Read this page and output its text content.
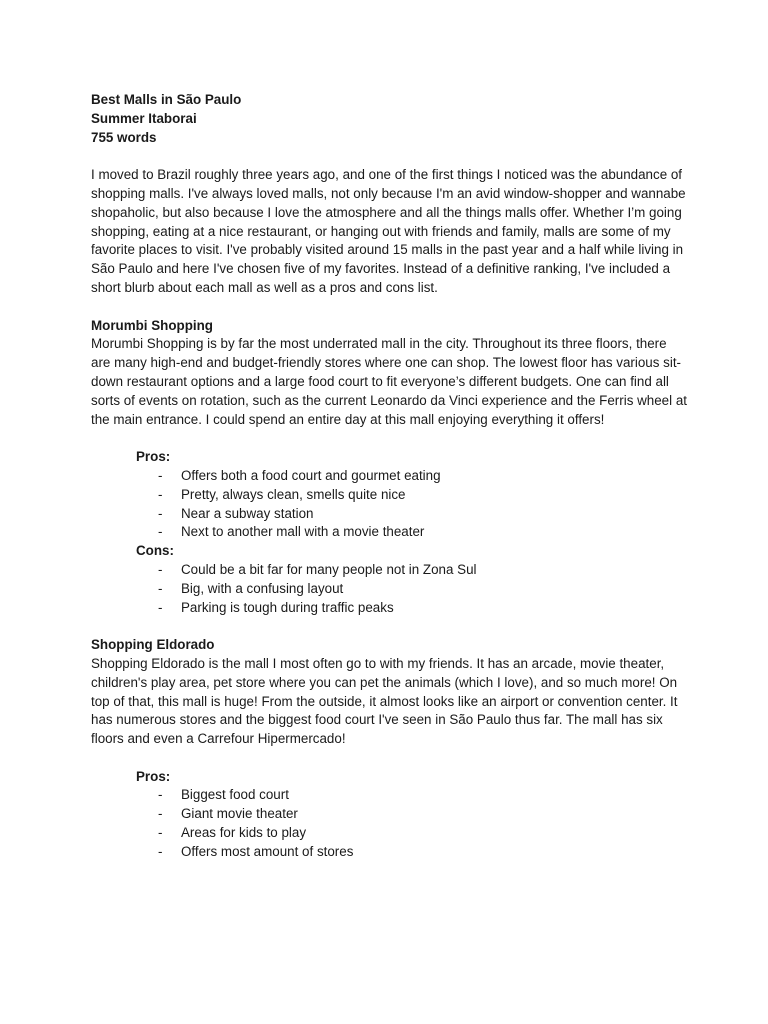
Best Malls in São Paulo
Summer Itaborai
755 words

I moved to Brazil roughly three years ago, and one of the first things I noticed was the abundance of shopping malls. I've always loved malls, not only because I'm an avid window-shopper and wannabe shopaholic, but also because I love the atmosphere and all the things malls offer. Whether I’m going shopping, eating at a nice restaurant, or hanging out with friends and family, malls are some of my favorite places to visit. I've probably visited around 15 malls in the past year and a half while living in São Paulo and here I've chosen five of my favorites. Instead of a definitive ranking, I've included a short blurb about each mall as well as a pros and cons list.

Morumbi Shopping

Morumbi Shopping is by far the most underrated mall in the city. Throughout its three floors, there are many high-end and budget-friendly stores where one can shop. The lowest floor has various sit-down restaurant options and a large food court to fit everyone’s different budgets. One can find all sorts of events on rotation, such as the current Leonardo da Vinci experience and the Ferris wheel at the main entrance. I could spend an entire day at this mall enjoying everything it offers!

Pros:
- Offers both a food court and gourmet eating
- Pretty, always clean, smells quite nice
- Near a subway station
- Next to another mall with a movie theater
Cons:
- Could be a bit far for many people not in Zona Sul
- Big, with a confusing layout
- Parking is tough during traffic peaks
Shopping Eldorado

Shopping Eldorado is the mall I most often go to with my friends. It has an arcade, movie theater, children's play area, pet store where you can pet the animals (which I love), and so much more! On top of that, this mall is huge! From the outside, it almost looks like an airport or convention center. It has numerous stores and the biggest food court I've seen in São Paulo thus far. The mall has six floors and even a Carrefour Hipermercado!

Pros:
- Biggest food court
- Giant movie theater
- Areas for kids to play
- Offers most amount of stores
